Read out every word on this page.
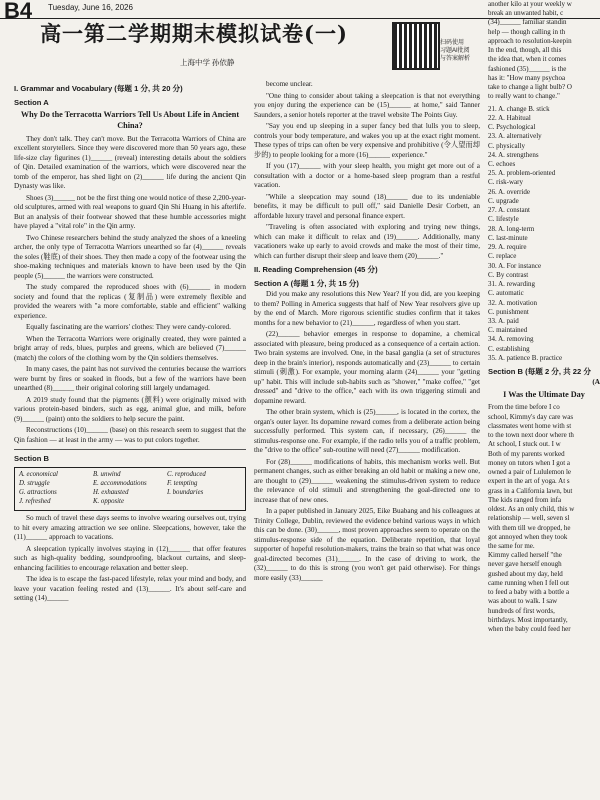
B4 Tuesday, June 16, 2026
高一第二学期期末模拟试卷(一)
上海中学 孙依静
扫码使用
习题AI批阅
与答案解析
I. Grammar and Vocabulary (每题 1 分, 共 20 分)
Section A
Why Do the Terracotta Warriors Tell Us About Life in Ancient China?

They don't talk. They can't move. But the Terracotta Warriors of China are excellent storytellers. Since they were discovered more than 50 years ago, these life-size clay figurines (1)______ (reveal) interesting details about the soldiers of Qin. Detailed examination of the warriors, which were discovered near the tomb of the emperor, has shed light on (2)______ life during the ancient Qin Dynasty was like.

Shoes (3)______ not be the first thing one would notice of these 2,200-year-old sculptures, armed with real weapons to guard Qin Shi Huang in his afterlife. But an analysis of their footwear showed that these humble accessories might have played a "vital role" in the Qin army.

Two Chinese researchers behind the study analyzed the shoes of a kneeling archer, the only type of Terracotta Warriors unearthed so far (4)______ reveals the soles (鞋底) of their shoes. They then made a copy of the footwear using the shoe-making techniques and materials known to have been used by the Qin people (5)______ the warriors were constructed.

The study compared the reproduced shoes with (6)______ in modern society and found that the replicas (复制品) were extremely flexible and provided the wearers with "a more comfortable, stable and efficient" walking experience.

Equally fascinating are the warriors' clothes: They were candy-colored.

When the Terracotta Warriors were originally created, they were painted a bright array of reds, blues, purples and greens, which are believed (7)______ (match) the colors of the clothing worn by the Qin soldiers themselves.

In many cases, the paint has not survived the centuries because the warriors were burnt by fires or soaked in floods, but a few of the warriors have been unearthed (8)______ their original coloring still largely undamaged.

A 2019 study found that the pigments (颜料) were originally mixed with various protein-based binders, such as egg, animal glue, and milk, before (9)______ (paint) onto the soldiers to help secure the paint.

Reconstructions (10)______ (base) on this research seem to suggest that the Qin fashion — at least in the army — was to put colors together.

Section B
A. economical	B. unwind	C. reproduced
D. struggle	E. accommodations	F. tempting
G. attractions	H. exhausted	I. boundaries
J. refreshed	K. opposite

So much of travel these days seems to involve wearing ourselves out, trying to hit every amazing attraction we see online. Sleepcations, however, take the (11)______ approach to vacations.

A sleepcation typically involves staying in (12)______ that offer features such as high-quality bedding, soundproofing, blackout curtains, and sleep-enhancing facilities to encourage relaxation and better sleep.

The idea is to escape the fast-paced lifestyle, relax your mind and body, and leave your vacation feeling rested and (13)______. It's about self-care and setting (14)______

become unclear.

"One thing to consider about taking a sleepcation is that not everything you enjoy during the experience can be (15)______ at home," said Tanner Saunders, a senior hotels reporter at the travel website The Points Guy.

"Say you end up sleeping in a super fancy bed that lulls you to sleep, controls your body temperature, and wakes you up at the exact right moment. These types of trips can often be very expensive and prohibitive (令人望而却步的) to people looking for a more (16)______ experience."

If you (17)______ with your sleep health, you might get more out of a consultation with a doctor or a home-based sleep program than a restful vacation.

"While a sleepcation may sound (18)______ due to its undeniable benefits, it may be difficult to pull off," said Danielle Desir Corbett, an affordable luxury travel and personal finance expert.

"Traveling is often associated with exploring and trying new things, which can make it difficult to relax and (19)______. Additionally, many vacationers wake up early to avoid crowds and make the most of their time, which can further disrupt their sleep and leave them (20)______."

II. Reading Comprehension (45 分)
Section A (每题 1 分, 共 15 分)

Did you make any resolutions this New Year? If you did, are you keeping to them? Polling in America suggests that half of New Year resolvers give up by the end of March. More rigorous scientific studies confirm that it takes months for a new behavior to (21)______, regardless of when you start.

(22)______ behavior emerges in response to dopamine, a chemical associated with pleasure, being produced as a consequence of a certain action. Two brain systems are involved. One, in the basal ganglia (a set of structures deep in the brain's interior), responds automatically and (23)______ to certain stimuli (刺激). For example, your morning alarm (24)______ your "getting up" habit. This will include sub-habits such as "shower," "make coffee," "get dressed" and "drive to the office," each with its own triggering stimuli and dopamine reward.

The other brain system, which is (25)______, is located in the cortex, the organ's outer layer. Its dopamine reward comes from a deliberate action being successfully performed. This system can, if necessary, (26)______ the stimulus-response one. For example, if the radio tells you of a traffic problem, the "drive to the office" sub-routine will need (27)______ modification.

For (28)______ modifications of habits, this mechanism works well. But permanent changes, such as either breaking an old habit or making a new one, are thought to (29)______ weakening the stimulus-driven system to reduce the relevance of old stimuli and strengthening the goal-directed one to increase that of new ones.

In a paper published in January 2025, Eike Buabang and his colleagues at Trinity College, Dublin, reviewed the evidence behind various ways in which this can be done. (30)______, most proven approaches seem to operate on the stimulus-response side of the equation. Deliberate repetition, that loyal supporter of hopeful resolution-makers, trains the brain so that what was once goal-directed becomes (31)______. In the case of driving to work, the (32)______ to do this is strong (you won't get paid otherwise). For things more easily (33)______

another kilo at your weekly w
break an unwanted habit, c
(34)______ familiar standin
help — though calling in th
approach to resolution-keepin
In the end, though, all this
the idea that, when it comes
fashioned (35)______ is the
has it: "How many psychoa
take to change a light bulb? O
to really want to change."
21. A. change B. stick
22. A. Habitual
C. Psychological
23. A. alternatively
C. physically
24. A. strengthens
C. echoes
25. A. problem-oriented
C. risk-wary
26. A. override
C. upgrade
27. A. constant
C. lifestyle
28. A. long-term
C. last-minute
29. A. require
C. replace
30. A. For instance
C. By contrast
31. A. rewarding
C. automatic
32. A. motivation
C. punishment
33. A. paid
C. maintained
34. A. removing
C. establishing
35. A. patience B. practice
Section B (每题 2 分, 共 22 分
(A
I Was the Ultimate Day
From the time before I co
school, Kimmy's day care was
classmates went home with st
to the town next door where th
At school, I stuck out. I w
Both of my parents worked
money on tutors when I got a
owned a pair of Lululemon le
expert in the art of yoga. At s
grass in a California lawn, but
The kids ranged from infa
oldest. As an only child, this w
relationship — well, seven sl
with them till we dropped, he
got annoyed when they took
the same for me.
Kimmy called herself "the
never gave herself enough
gushed about my day, held
came running when I fell out
to feed a baby with a bottle a
was about to walk. I saw
hundreds of first words,
birthdays. Most importantly,
when the baby could feed her
